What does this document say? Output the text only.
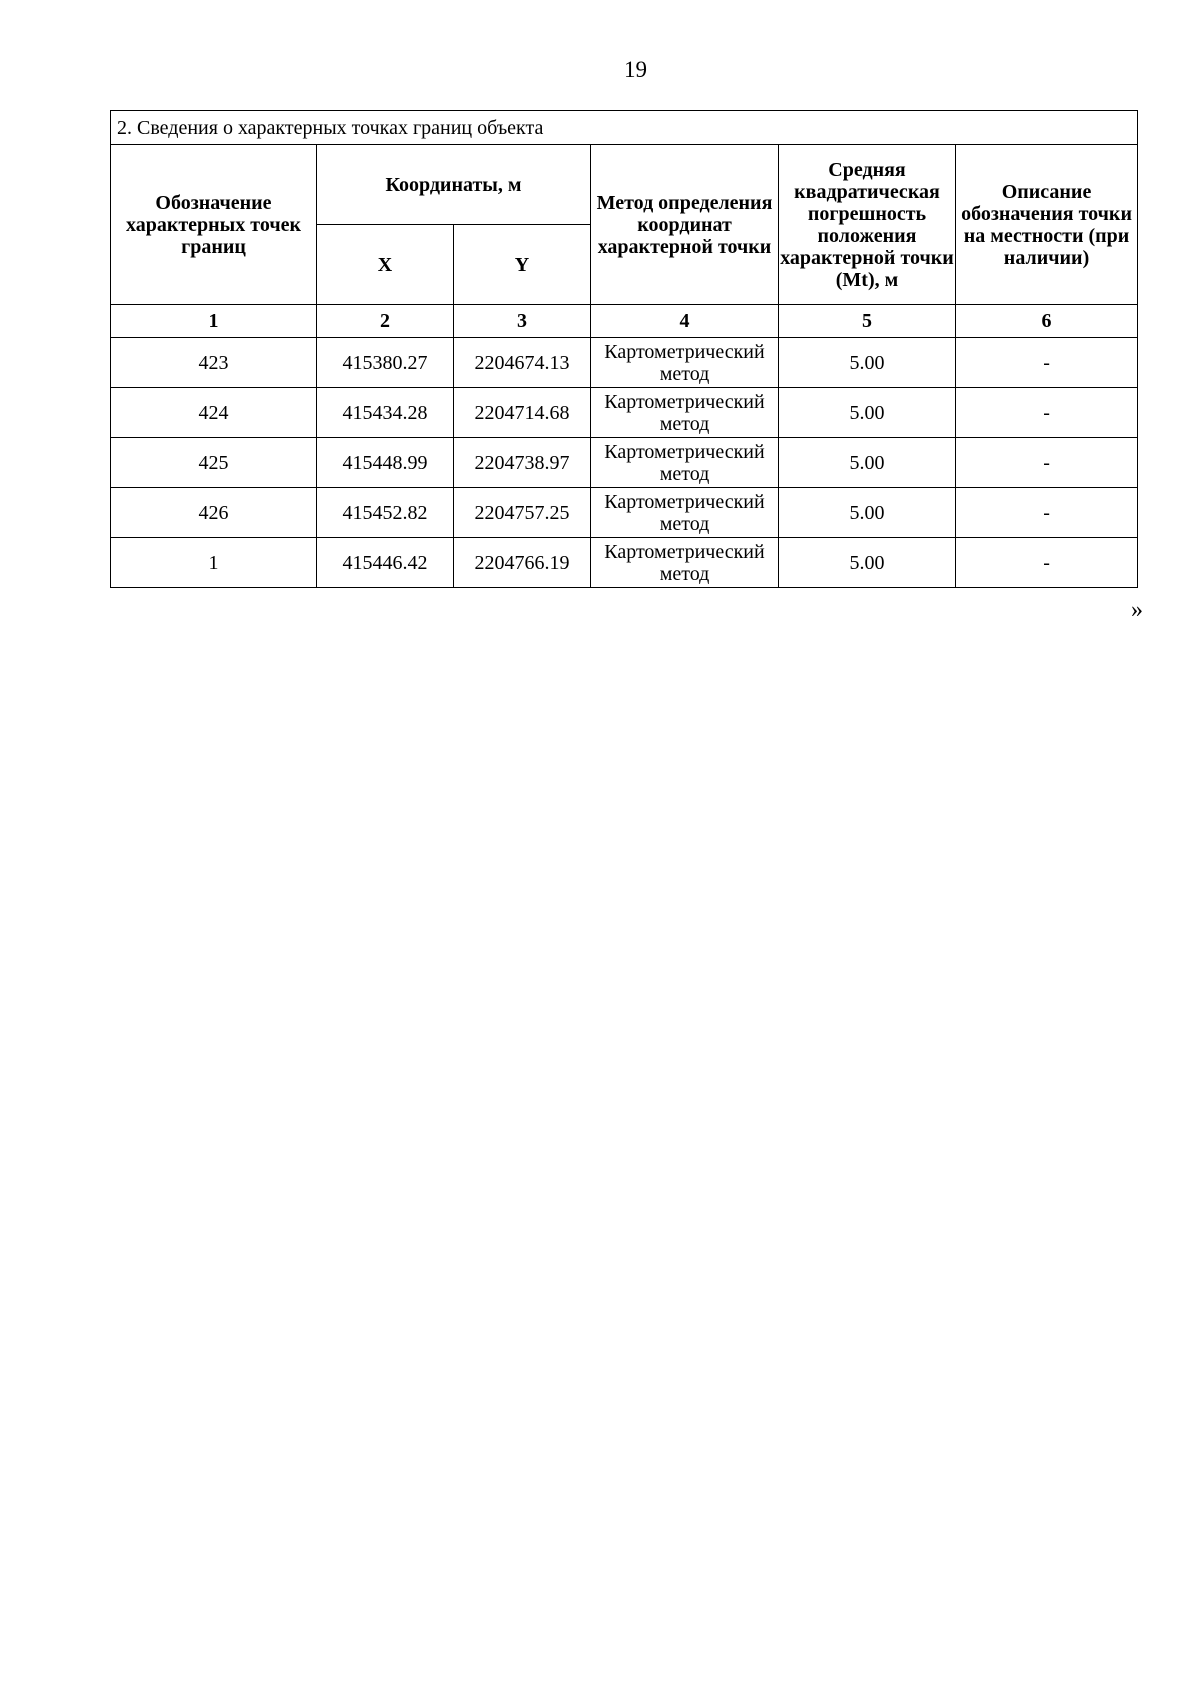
19
2. Сведения о характерных точках границ объекта					
Обозначение характерных точек границ	Координаты, м		Метод определения координат характерной точки	Средняя квадратическая погрешность положения характерной точки (Mt), м	Описание обозначения точки на местности (при наличии)
	X	Y			
1	2	3	4	5	6
423	415380.27	2204674.13	Картометрический метод	5.00	-
424	415434.28	2204714.68	Картометрический метод	5.00	-
425	415448.99	2204738.97	Картометрический метод	5.00	-
426	415452.82	2204757.25	Картометрический метод	5.00	-
1	415446.42	2204766.19	Картометрический метод	5.00	-
»
